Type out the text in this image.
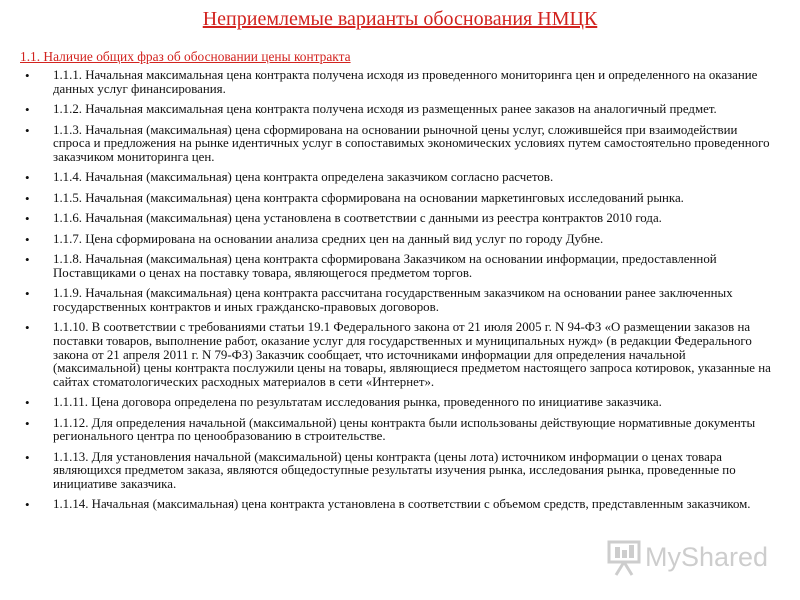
Неприемлемые варианты обоснования НМЦК
1.1. Наличие общих фраз об обосновании цены контракта
•	1.1.1. Начальная максимальная цена контракта получена исходя из проведенного мониторинга цен и определенного на оказание данных услуг финансирования.
•	1.1.2. Начальная максимальная цена контракта получена исходя из размещенных ранее заказов на аналогичный предмет.
•	1.1.3. Начальная (максимальная) цена сформирована на основании рыночной цены услуг, сложившейся при взаимодействии спроса и предложения на рынке идентичных услуг в сопоставимых экономических условиях путем самостоятельно проведенного заказчиком мониторинга цен.
•	1.1.4. Начальная (максимальная) цена контракта определена заказчиком согласно расчетов.
•	1.1.5. Начальная (максимальная) цена контракта сформирована на основании маркетинговых исследований рынка.
•	1.1.6. Начальная (максимальная) цена установлена в соответствии с данными из реестра контрактов 2010 года.
•	1.1.7. Цена сформирована на основании анализа средних цен на данный вид услуг по городу Дубне.
•	1.1.8. Начальная (максимальная) цена контракта сформирована Заказчиком на основании информации, предоставленной Поставщиками о ценах на поставку товара, являющегося предметом торгов.
•	1.1.9. Начальная (максимальная) цена контракта рассчитана государственным заказчиком на основании ранее заключенных государственных контрактов и иных гражданско-правовых договоров.
•	1.1.10. В соответствии с требованиями статьи 19.1 Федерального закона от 21 июля 2005 г. N 94-ФЗ «О размещении заказов на поставки товаров, выполнение работ, оказание услуг для государственных и муниципальных нужд» (в редакции Федерального закона от 21 апреля 2011 г. N 79-ФЗ) Заказчик сообщает, что источниками информации для определения начальной (максимальной) цены контракта послужили цены на товары, являющиеся предметом настоящего запроса котировок, указанные на сайтах стоматологических расходных материалов в сети «Интернет».
•	1.1.11. Цена договора определена по результатам исследования рынка, проведенного по инициативе заказчика.
•	1.1.12. Для определения начальной (максимальной) цены контракта были использованы действующие нормативные документы регионального центра по ценообразованию в строительстве.
•	1.1.13. Для установления начальной (максимальной) цены контракта (цены лота) источником информации о ценах товара являющихся предметом заказа, являются общедоступные результаты изучения рынка, исследования рынка, проведенные по инициативе заказчика.
•	1.1.14. Начальная (максимальная) цена контракта установлена в соответствии с объемом средств, представленным заказчиком.
MyShared
